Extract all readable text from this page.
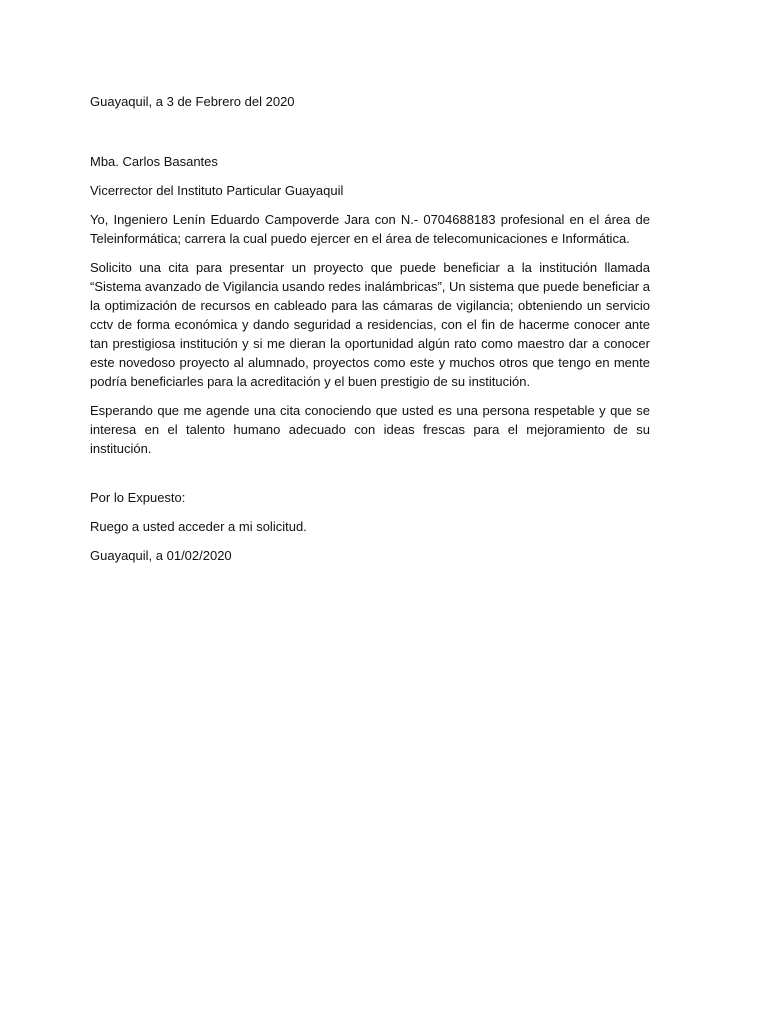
Guayaquil, a 3 de Febrero del 2020

Mba. Carlos Basantes

Vicerrector del Instituto Particular Guayaquil

Yo, Ingeniero Lenín Eduardo Campoverde Jara con N.- 0704688183 profesional en el área de Teleinformática; carrera la cual puedo ejercer en el área de telecomunicaciones e Informática.

Solicito una cita para presentar un proyecto que puede beneficiar a la institución llamada “Sistema avanzado de Vigilancia usando redes inalámbricas”, Un sistema que puede beneficiar a la optimización de recursos en cableado para las cámaras de vigilancia; obteniendo un servicio cctv de forma económica y dando seguridad a residencias, con el fin de hacerme conocer ante tan prestigiosa institución y si me dieran la oportunidad algún rato como maestro dar a conocer este novedoso proyecto al alumnado, proyectos como este y muchos otros que tengo en mente podría beneficiarles para la acreditación y el buen prestigio de su institución.

Esperando que me agende una cita conociendo que usted es una persona respetable y que se interesa en el talento humano adecuado con ideas frescas para el mejoramiento de su institución.

Por lo Expuesto:

Ruego a usted acceder a mi solicitud.

Guayaquil, a 01/02/2020
